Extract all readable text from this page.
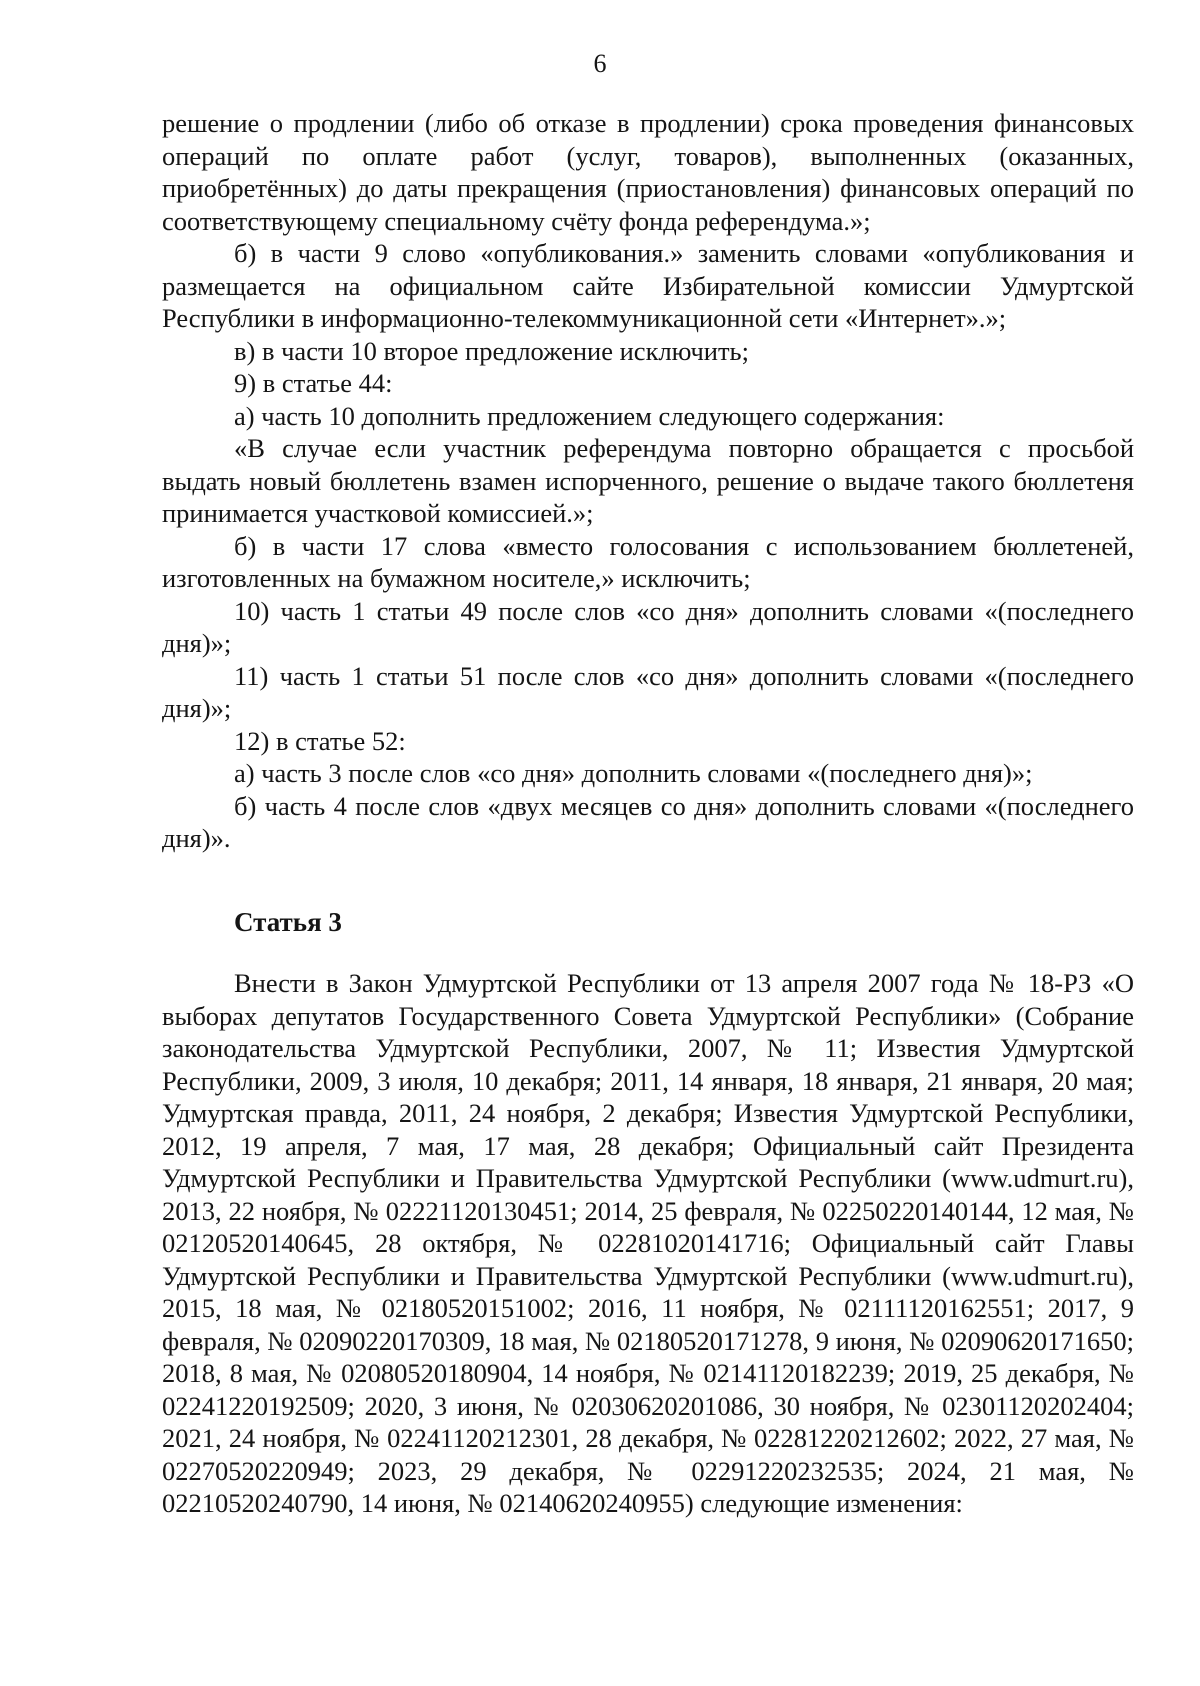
6

решение о продлении (либо об отказе в продлении) срока проведения финансовых операций по оплате работ (услуг, товаров), выполненных (оказанных, приобретённых) до даты прекращения (приостановления) финансовых операций по соответствующему специальному счёту фонда референдума.»;

б) в части 9 слово «опубликования.» заменить словами «опубликования и размещается на официальном сайте Избирательной комиссии Удмуртской Республики в информационно-телекоммуникационной сети «Интернет».»;

в) в части 10 второе предложение исключить;

9) в статье 44:

а) часть 10 дополнить предложением следующего содержания:

«В случае если участник референдума повторно обращается с просьбой выдать новый бюллетень взамен испорченного, решение о выдаче такого бюллетеня принимается участковой комиссией.»;

б) в части 17 слова «вместо голосования с использованием бюллетеней, изготовленных на бумажном носителе,» исключить;

10) часть 1 статьи 49 после слов «со дня» дополнить словами «(последнего дня)»;

11) часть 1 статьи 51 после слов «со дня» дополнить словами «(последнего дня)»;

12) в статье 52:

а) часть 3 после слов «со дня» дополнить словами «(последнего дня)»;

б) часть 4 после слов «двух месяцев со дня» дополнить словами «(последнего дня)».

Статья 3

Внести в Закон Удмуртской Республики от 13 апреля 2007 года № 18-РЗ «О выборах депутатов Государственного Совета Удмуртской Республики» (Собрание законодательства Удмуртской Республики, 2007, № 11; Известия Удмуртской Республики, 2009, 3 июля, 10 декабря; 2011, 14 января, 18 января, 21 января, 20 мая; Удмуртская правда, 2011, 24 ноября, 2 декабря; Известия Удмуртской Республики, 2012, 19 апреля, 7 мая, 17 мая, 28 декабря; Официальный сайт Президента Удмуртской Республики и Правительства Удмуртской Республики (www.udmurt.ru), 2013, 22 ноября, № 02221120130451; 2014, 25 февраля, № 02250220140144, 12 мая, № 02120520140645, 28 октября, № 02281020141716; Официальный сайт Главы Удмуртской Республики и Правительства Удмуртской Республики (www.udmurt.ru), 2015, 18 мая, № 02180520151002; 2016, 11 ноября, № 02111120162551; 2017, 9 февраля, № 02090220170309, 18 мая, № 02180520171278, 9 июня, № 02090620171650; 2018, 8 мая, № 02080520180904, 14 ноября, № 02141120182239; 2019, 25 декабря, № 02241220192509; 2020, 3 июня, № 02030620201086, 30 ноября, № 02301120202404; 2021, 24 ноября, № 02241120212301, 28 декабря, № 02281220212602; 2022, 27 мая, № 02270520220949; 2023, 29 декабря, № 02291220232535; 2024, 21 мая, № 02210520240790, 14 июня, № 02140620240955) следующие изменения:
